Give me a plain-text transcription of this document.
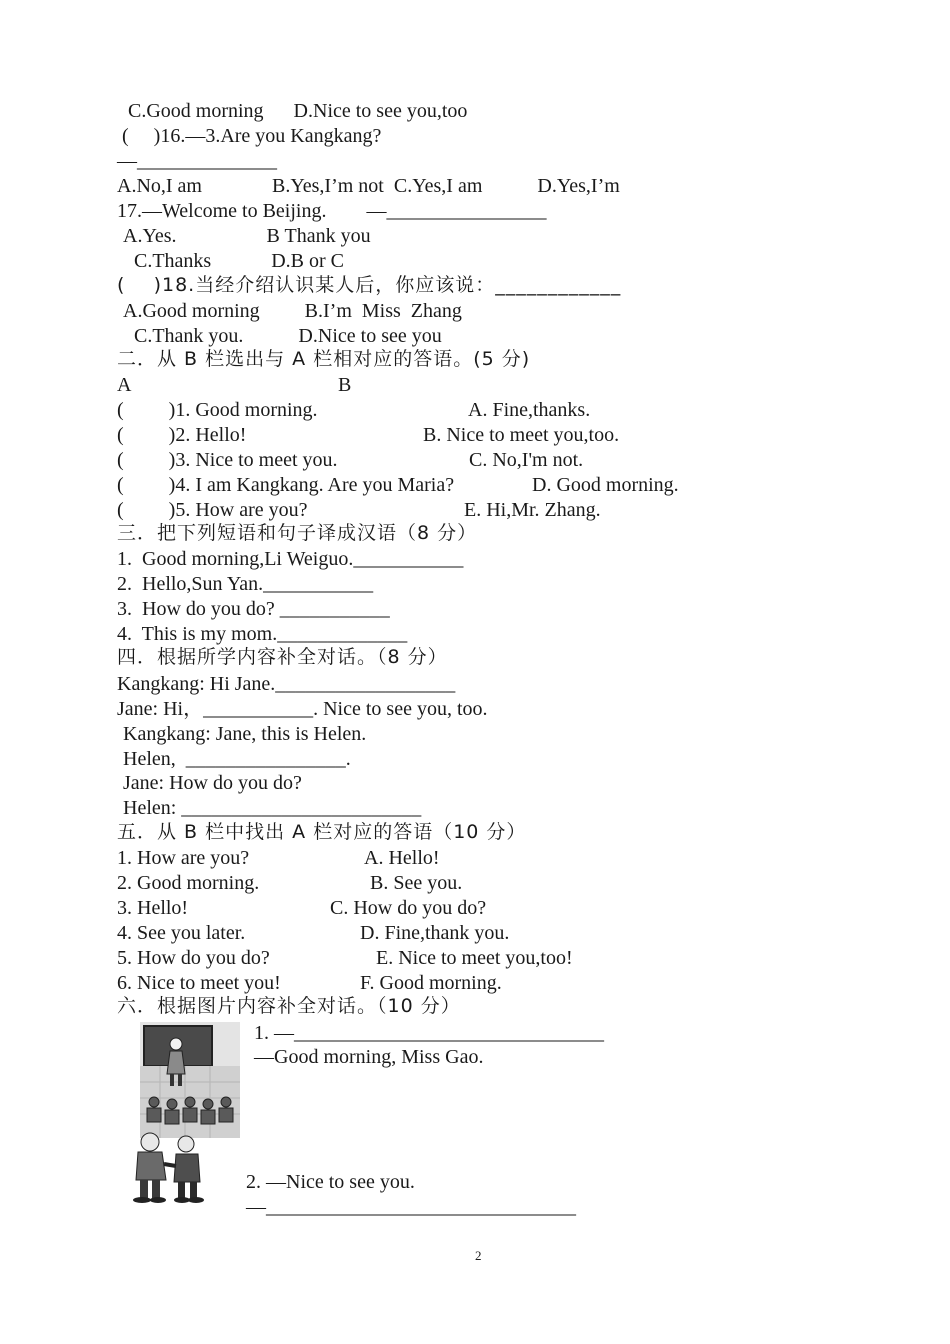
C.Good morning      D.Nice to see you,too
(     )16.—3.Are you Kangkang?
—______________
A.No,I am              B.Yes,I’m not  C.Yes,I am           D.Yes,I’m
17.—Welcome to Beijing.        —________________
A.Yes.                  B Thank you
C.Thanks            D.B or C
(    )18.当经介绍认识某人后，你应该说：____________
A.Good morning         B.I’m  Miss  Zhang
C.Thank you.           D.Nice to see you
二．从 B 栏选出与 A 栏相对应的答语。(5 分)
A	B
(         )1. Good morning.	A. Fine,thanks.
(         )2. Hello!	B. Nice to meet you,too.
(         )3. Nice to meet you.	C. No,I'm not.
(         )4. I am Kangkang. Are you Maria?	D. Good morning.
(         )5. How are you?	E. Hi,Mr. Zhang.
三．把下列短语和句子译成汉语（8 分）
1.  Good morning,Li Weiguo.___________
2.  Hello,Sun Yan.___________
3.  How do you do? ___________
4.  This is my mom._____________
四．根据所学内容补全对话。（8 分）
Kangkang: Hi Jane.__________________
Jane: Hi，___________. Nice to see you, too.
Kangkang: Jane, this is Helen.
Helen,  ________________.
Jane: How do you do?
Helen: ________________________
五．从 B 栏中找出 A 栏对应的答语（10 分）
1. How are you?	A. Hello!
2. Good morning.	B. See you.
3. Hello!	C. How do you do?
4. See you later.	D. Fine,thank you.
5. How do you do?	E. Nice to meet you,too!
6. Nice to meet you!	F. Good morning.
六．根据图片内容补全对话。（10 分）
1. —_______________________________
—Good morning, Miss Gao.
2. —Nice to see you.
—_______________________________
2
